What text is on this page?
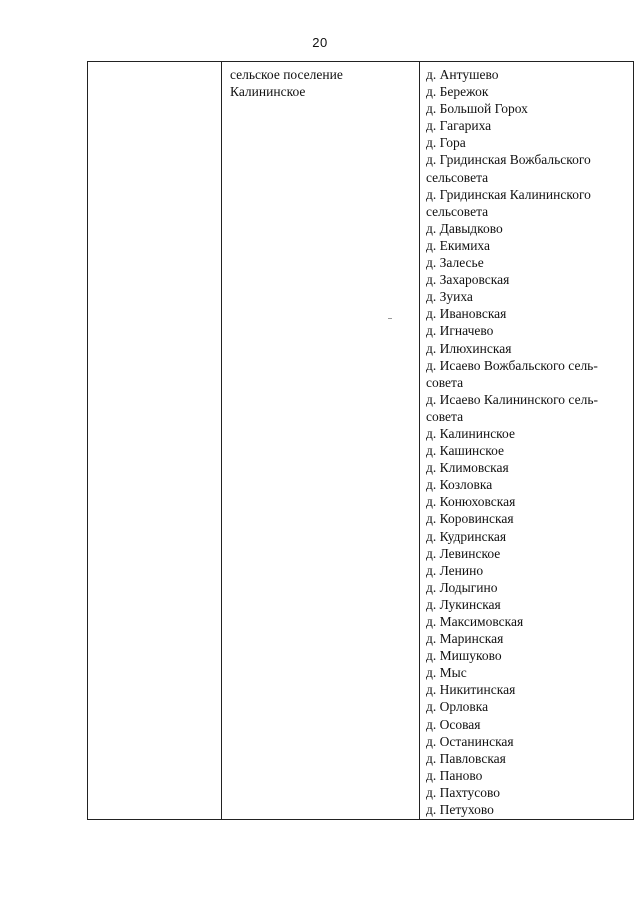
20
сельское поселение
Калининское
д. Антушево
д. Бережок
д. Большой Горох
д. Гагариха
д. Гора
д. Гридинская Вожбальского
сельсовета
д. Гридинская Калининского
сельсовета
д. Давыдково
д. Екимиха
д. Залесье
д. Захаровская
д. Зуиха
д. Ивановская
д. Игначево
д. Илюхинская
д. Исаево Вожбальского сель-
совета
д. Исаево Калининского сель-
совета
д. Калининское
д. Кашинское
д. Климовская
д. Козловка
д. Конюховская
д. Коровинская
д. Кудринская
д. Левинское
д. Ленино
д. Лодыгино
д. Лукинская
д. Максимовская
д. Маринская
д. Мишуково
д. Мыс
д. Никитинская
д. Орловка
д. Осовая
д. Останинская
д. Павловская
д. Паново
д. Пахтусово
д. Петухово
